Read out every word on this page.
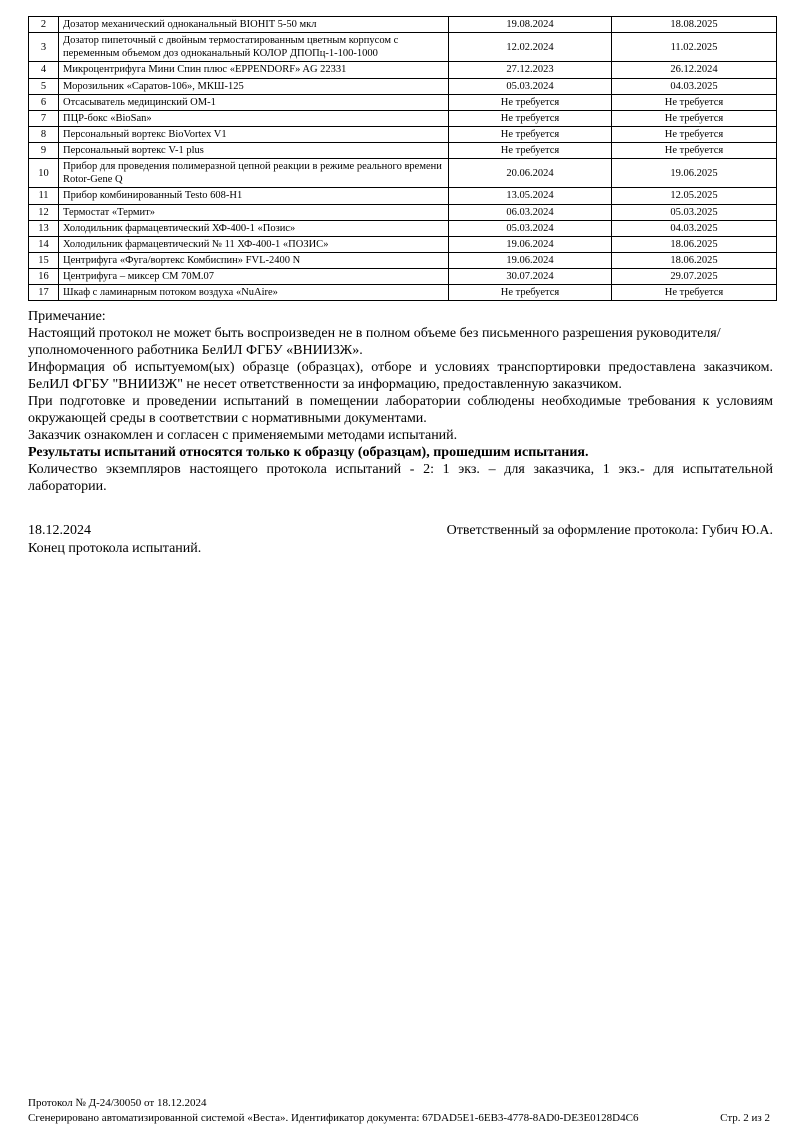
2	Дозатор механический одноканальный BIOHIT 5-50 мкл	19.08.2024	18.08.2025
3	Дозатор пипеточный с двойным термостатированным цветным корпусом с переменным объемом доз одноканальный КОЛОР ДПОПц-1-100-1000	12.02.2024	11.02.2025
4	Микроцентрифуга Мини Спин плюс «EPPENDORF» AG 22331	27.12.2023	26.12.2024
5	Морозильник «Саратов-106», МКШ-125	05.03.2024	04.03.2025
6	Отсасыватель медицинский ОМ-1	Не требуется	Не требуется
7	ПЦР-бокс «BioSan»	Не требуется	Не требуется
8	Персональный вортекс BioVortex V1	Не требуется	Не требуется
9	Персональный вортекс V-1 plus	Не требуется	Не требуется
10	Прибор для проведения полимеразной цепной реакции в режиме реального времени Rotor-Gene Q	20.06.2024	19.06.2025
11	Прибор комбинированный Testo 608-H1	13.05.2024	12.05.2025
12	Термостат «Термит»	06.03.2024	05.03.2025
13	Холодильник фармацевтический ХФ-400-1 «Позис»	05.03.2024	04.03.2025
14	Холодильник фармацевтический № 11 ХФ-400-1 «ПОЗИС»	19.06.2024	18.06.2025
15	Центрифуга «Фуга/вортекс Комбиспин» FVL-2400 N	19.06.2024	18.06.2025
16	Центрифуга – миксер СМ 70М.07	30.07.2024	29.07.2025
17	Шкаф с ламинарным потоком воздуха «NuAire»	Не требуется	Не требуется
Примечание:
Настоящий протокол не может быть воспроизведен не в полном объеме без письменного разрешения руководителя/уполномоченного работника БелИЛ ФГБУ «ВНИИЗЖ».
Информация об испытуемом(ых) образце (образцах), отборе и условиях транспортировки предоставлена заказчиком. БелИЛ ФГБУ "ВНИИЗЖ" не несет ответственности за информацию, предоставленную заказчиком.
При подготовке и проведении испытаний в помещении лаборатории соблюдены необходимые требования к условиям окружающей среды в соответствии с нормативными документами.
Заказчик ознакомлен и согласен с применяемыми методами испытаний.
Результаты испытаний относятся только к образцу (образцам), прошедшим испытания.
Количество экземпляров настоящего протокола испытаний - 2: 1 экз. – для заказчика, 1 экз.- для испытательной лаборатории.
18.12.2024	Ответственный за оформление протокола: Губич Ю.А.
Конец протокола испытаний.
Протокол № Д-24/30050 от 18.12.2024
Сгенерировано автоматизированной системой «Веста». Идентификатор документа: 67DAD5E1-6EB3-4778-8AD0-DE3E0128D4C6	Стр. 2 из 2
